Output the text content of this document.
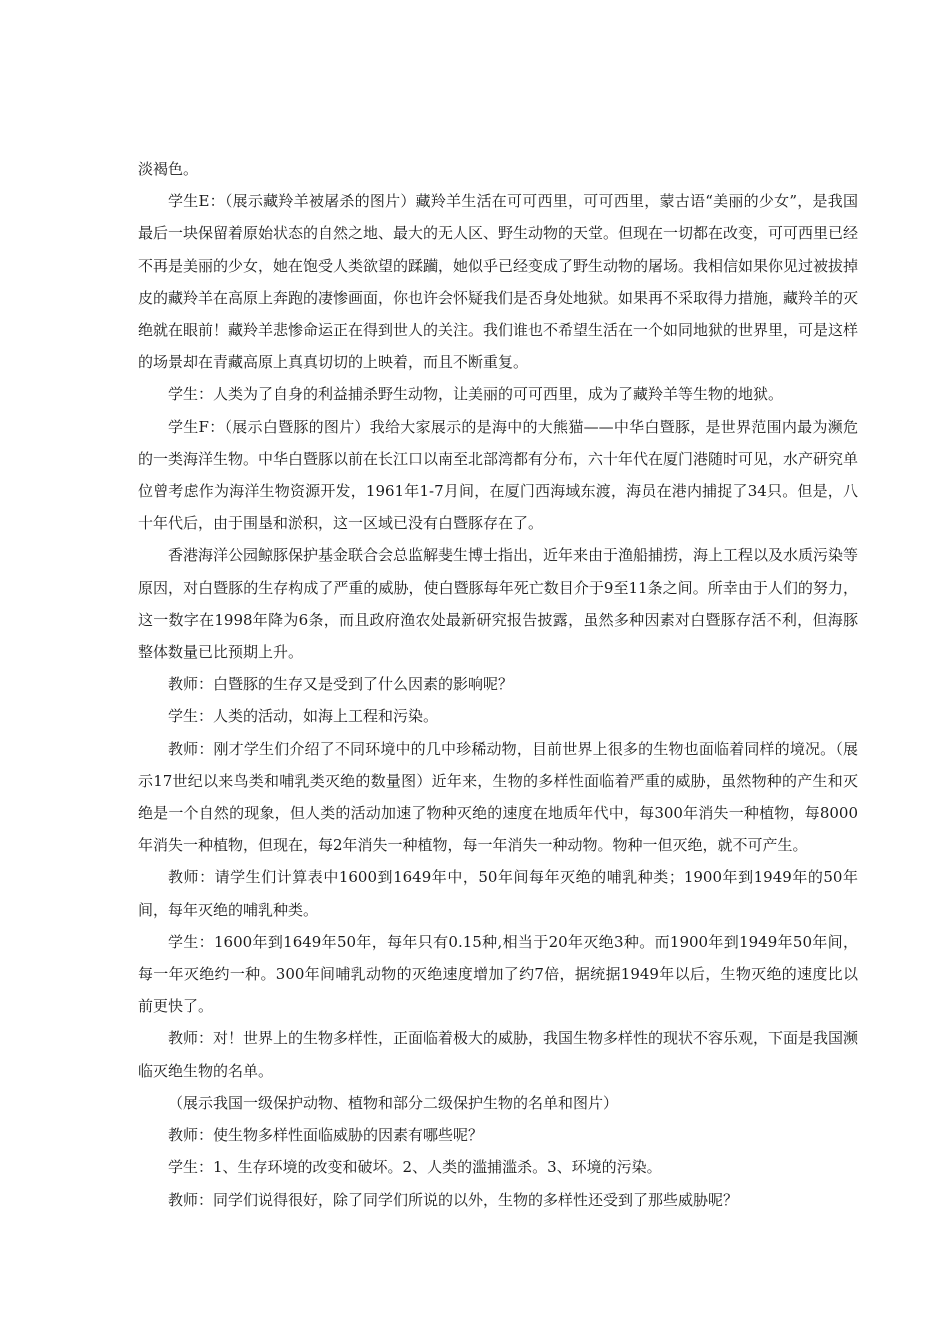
淡褐色。

学生E：（展示藏羚羊被屠杀的图片）藏羚羊生活在可可西里，可可西里，蒙古语“美丽的少女”，是我国最后一块保留着原始状态的自然之地、最大的无人区、野生动物的天堂。但现在一切都在改变，可可西里已经不再是美丽的少女，她在饱受人类欲望的蹂躏，她似乎已经变成了野生动物的屠场。我相信如果你见过被拔掉皮的藏羚羊在高原上奔跑的凄惨画面，你也许会怀疑我们是否身处地狱。如果再不采取得力措施，藏羚羊的灭绝就在眼前！藏羚羊悲惨命运正在得到世人的关注。我们谁也不希望生活在一个如同地狱的世界里，可是这样的场景却在青藏高原上真真切切的上映着，而且不断重复。

学生：人类为了自身的利益捕杀野生动物，让美丽的可可西里，成为了藏羚羊等生物的地狱。

学生F：（展示白暨豚的图片）我给大家展示的是海中的大熊猫——中华白暨豚，是世界范围内最为濒危的一类海洋生物。中华白暨豚以前在长江口以南至北部湾都有分布，六十年代在厦门港随时可见，水产研究单位曾考虑作为海洋生物资源开发，1961年1-7月间，在厦门西海域东渡，海员在港内捕捉了34只。但是，八十年代后，由于围垦和淤积，这一区域已没有白暨豚存在了。

香港海洋公园鲸豚保护基金联合会总监解斐生博士指出，近年来由于渔船捕捞，海上工程以及水质污染等原因，对白暨豚的生存构成了严重的威胁，使白暨豚每年死亡数目介于9至11条之间。所幸由于人们的努力，这一数字在1998年降为6条，而且政府渔农处最新研究报告披露，虽然多种因素对白暨豚存活不利，但海豚整体数量已比预期上升。

教师：白暨豚的生存又是受到了什么因素的影响呢？

学生：人类的活动，如海上工程和污染。

教师：刚才学生们介绍了不同环境中的几中珍稀动物，目前世界上很多的生物也面临着同样的境况。（展示17世纪以来鸟类和哺乳类灭绝的数量图）近年来，生物的多样性面临着严重的威胁，虽然物种的产生和灭绝是一个自然的现象，但人类的活动加速了物种灭绝的速度在地质年代中，每300年消失一种植物，每8000年消失一种植物，但现在，每2年消失一种植物，每一年消失一种动物。物种一但灭绝，就不可产生。

教师：请学生们计算表中1600到1649年中，50年间每年灭绝的哺乳种类；1900年到1949年的50年间，每年灭绝的哺乳种类。

学生：1600年到1649年50年，每年只有0.15种,相当于20年灭绝3种。而1900年到1949年50年间，每一年灭绝约一种。300年间哺乳动物的灭绝速度增加了约7倍，据统据1949年以后，生物灭绝的速度比以前更快了。

教师：对！世界上的生物多样性，正面临着极大的威胁，我国生物多样性的现状不容乐观，下面是我国濒临灭绝生物的名单。

（展示我国一级保护动物、植物和部分二级保护生物的名单和图片）

教师：使生物多样性面临威胁的因素有哪些呢？

学生：1、生存环境的改变和破坏。2、人类的滥捕滥杀。3、环境的污染。

教师：同学们说得很好，除了同学们所说的以外，生物的多样性还受到了那些威胁呢？
